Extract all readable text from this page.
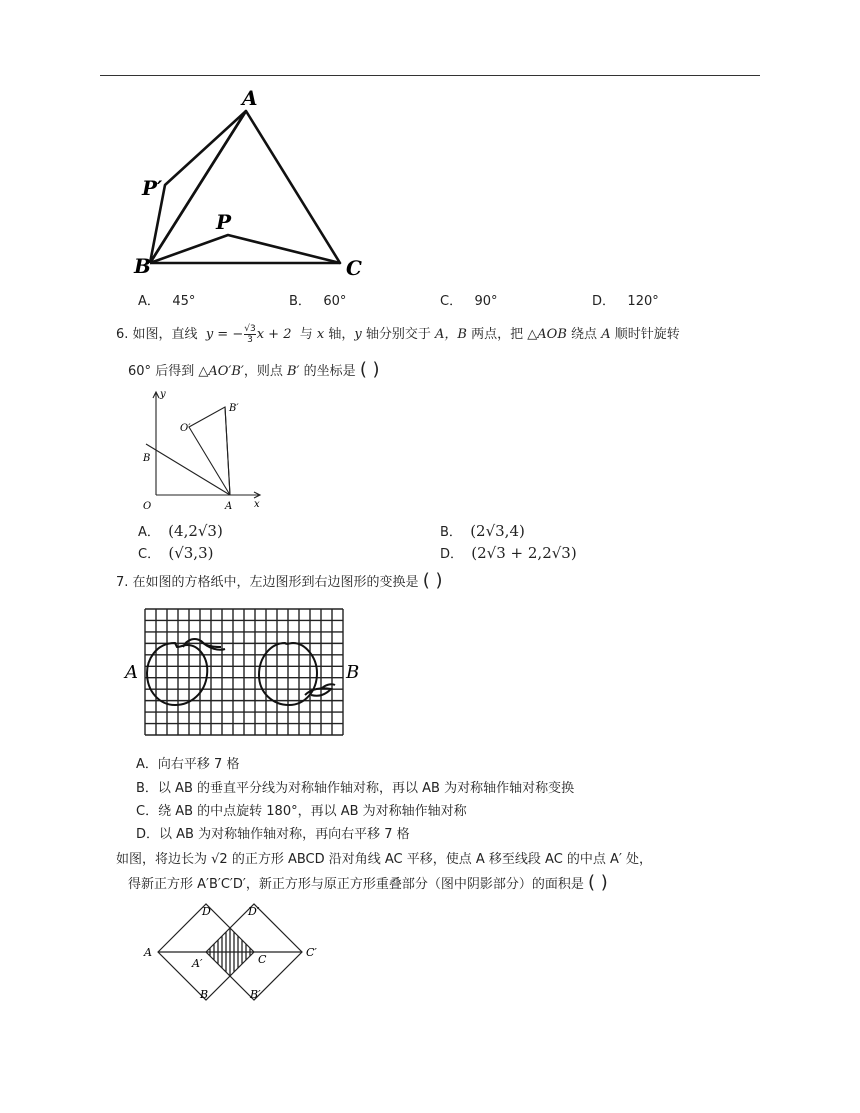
A
B	C
P
P′
A． 45°	B． 60°	C． 90°	D． 120°
6. 如图，直线 y = − $\frac{√3}{3}$ x + 2 与 x 轴，y 轴分别交于 A，B 两点，把 △AOB 绕点 A 顺时针旋转
60° 后得到 △AO′B′，则点 B′ 的坐标是 ( )
y
x
O	A
B
O′
B′
A． (4,2√3)	B． (2√3,4)
C． (√3,3)	D． (2√3 + 2,2√3)
7. 在如图的方格纸中，左边图形到右边图形的变换是 ( )
A	B
A．向右平移 7 格
B．以 AB 的垂直平分线为对称轴作轴对称，再以 AB 为对称轴作轴对称变换
C．绕 AB 的中点旋转 180°，再以 AB 为对称轴作轴对称
D．以 AB 为对称轴作轴对称，再向右平移 7 格
如图，将边长为 √2 的正方形 ABCD 沿对角线 AC 平移，使点 A 移至线段 AC 的中点 A′ 处，
得新正方形 A′B′C′D′，新正方形与原正方形重叠部分（图中阴影部分）的面积是 ( )
A
D
B
A′	C
D′
B′
C′
